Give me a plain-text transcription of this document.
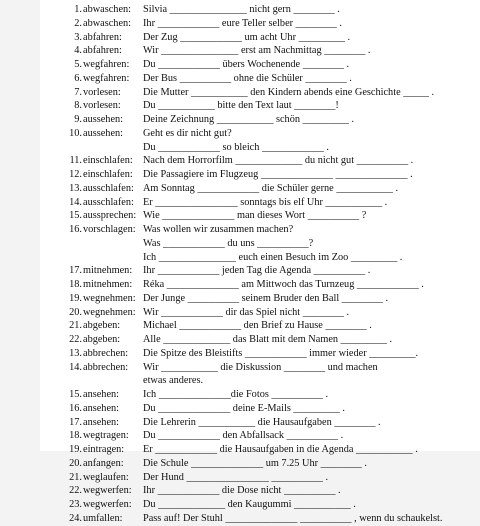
1. abwaschen:	Silvia _______________ nicht gern ________ .
2. abwaschen:	Ihr ____________ eure Teller selber ________ .
3. abfahren:	Der Zug ____________ um acht Uhr _________ .
4. abfahren:	Wir _______________ erst am Nachmittag ________ .
5. wegfahren:	Du ____________ übers Wochenende ________ .
6. wegfahren:	Der Bus __________ ohne die Schüler ________ .
7. vorlesen:	Die Mutter ___________ den Kindern abends eine Geschichte _____ .
8. vorlesen:	Du ___________ bitte den Text laut ________!
9. aussehen:	Deine Zeichnung ___________ schön _________ .
10. aussehen:	Geht es dir nicht gut?
Du ____________ so bleich ____________ .
11. einschlafen: Nach dem Horrorfilm _____________ du nicht gut __________ .
12. einschlafen: Die Passagiere im Flugzeug ______________ ______________ .
13. ausschlafen: Am Sonntag ____________ die Schüler gerne ___________ .
14. ausschlafen: Er ________________ sonntags bis elf Uhr ___________ .
15. aussprechen: Wie ______________ man dieses Wort __________ ?
16. vorschlagen: Was wollen wir zusammen machen?
Was ____________ du uns __________?
Ich _______________ euch einen Besuch im Zoo _________ .
17. mitnehmen:	Ihr ____________ jeden Tag die Agenda __________ .
18. mitnehmen:	Réka ______________ am Mittwoch das Turnzeug ____________ .
19. wegnehmen: Der Junge __________ seinem Bruder den Ball ________ .
20. wegnehmen: Wir ____________ dir das Spiel nicht ________ .
21. abgeben:	Michael ____________ den Brief zu Hause ________ .
22. abgeben:	Alle _____________ das Blatt mit dem Namen _________ .
13. abbrechen:	Die Spitze des Bleistifts ____________ immer wieder _________.
14. abbrechen:	Wir ___________ die Diskussion ________ und machen
etwas anderes.
15. ansehen:	Ich ______________die Fotos __________ .
16. ansehen:	Du ______________ deine E-Mails _________ .
17. ansehen:	Die Lehrerin ___________ die Hausaufgaben ________ .
18. wegtragen:	Du ____________ den Abfallsack __________ .
19. eintragen:	Er ____________ die Hausaufgaben in die Agenda ___________ .
20. anfangen:	Die Schule ______________ um 7.25 Uhr ________ .
21. weglaufen:	Der Hund ________________ __________ .
22. wegwerfen:	Ihr ____________ die Dose nicht __________ .
23. wegwerfen:	Du _____________ den Kaugummi ___________ .
24. umfallen:	Pass auf! Der Stuhl ______________ __________ , wenn du schaukelst.
